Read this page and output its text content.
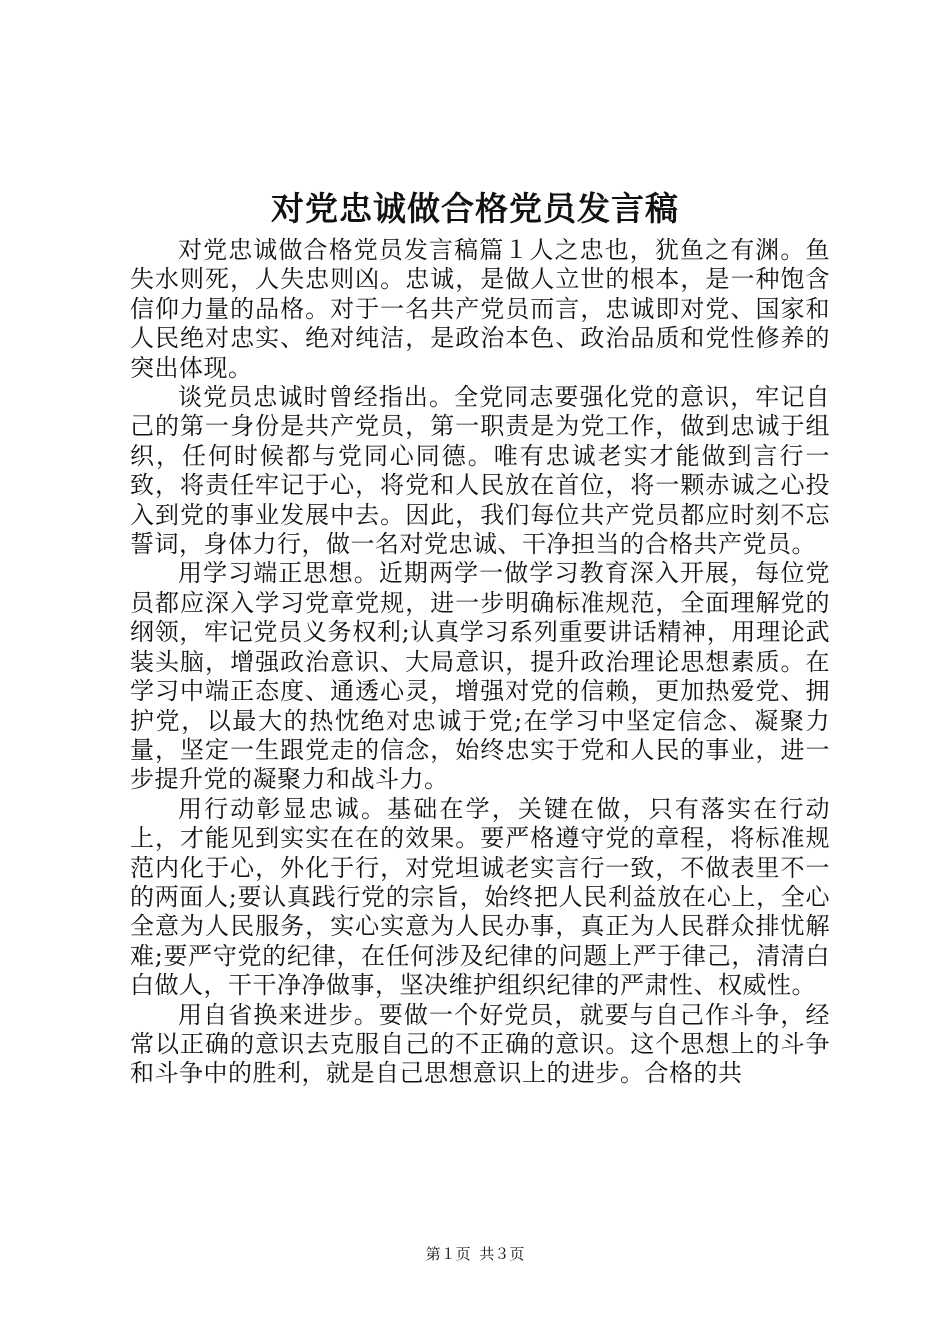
对党忠诚做合格党员发言稿

对党忠诚做合格党员发言稿篇１人之忠也，犹鱼之有渊。鱼失水则死，人失忠则凶。忠诚，是做人立世的根本，是一种饱含信仰力量的品格。对于一名共产党员而言，忠诚即对党、国家和人民绝对忠实、绝对纯洁，是政治本色、政治品质和党性修养的突出体现。

谈党员忠诚时曾经指出。全党同志要强化党的意识，牢记自己的第一身份是共产党员，第一职责是为党工作，做到忠诚于组织，任何时候都与党同心同德。唯有忠诚老实才能做到言行一致，将责任牢记于心，将党和人民放在首位，将一颗赤诚之心投入到党的事业发展中去。因此，我们每位共产党员都应时刻不忘誓词，身体力行，做一名对党忠诚、干净担当的合格共产党员。

用学习端正思想。近期两学一做学习教育深入开展，每位党员都应深入学习党章党规，进一步明确标准规范，全面理解党的纲领，牢记党员义务权利;认真学习系列重要讲话精神，用理论武装头脑，增强政治意识、大局意识，提升政治理论思想素质。在学习中端正态度、通透心灵，增强对党的信赖，更加热爱党、拥护党，以最大的热忱绝对忠诚于党;在学习中坚定信念、凝聚力量，坚定一生跟党走的信念，始终忠实于党和人民的事业，进一步提升党的凝聚力和战斗力。

用行动彰显忠诚。基础在学，关键在做，只有落实在行动上，才能见到实实在在的效果。要严格遵守党的章程，将标准规范内化于心，外化于行，对党坦诚老实言行一致，不做表里不一的两面人;要认真践行党的宗旨，始终把人民利益放在心上，全心全意为人民服务，实心实意为人民办事，真正为人民群众排忧解难;要严守党的纪律，在任何涉及纪律的问题上严于律己，清清白白做人，干干净净做事，坚决维护组织纪律的严肃性、权威性。

用自省换来进步。要做一个好党员，就要与自己作斗争，经常以正确的意识去克服自己的不正确的意识。这个思想上的斗争和斗争中的胜利，就是自己思想意识上的进步。合格的共

第１页 共３页
